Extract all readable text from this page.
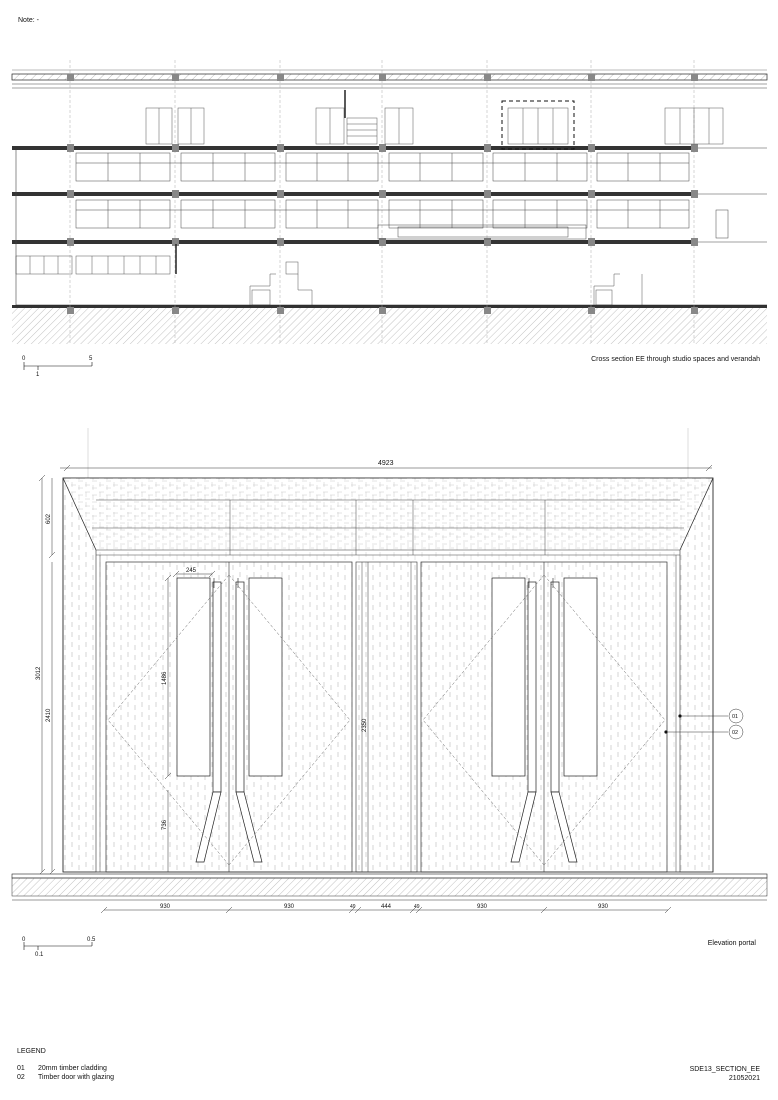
Note: -
Cross section EE through studio spaces and verandah
Elevation portal
LEGEND
01 20mm timber cladding
02 Timber door with glazing
SDE13_SECTION_EE
21052021
0	5
1
4923
3012
602
2410
1486
736
2350
245
01
02
930	930	49	444	49	930	930
0	0.5
0.1
